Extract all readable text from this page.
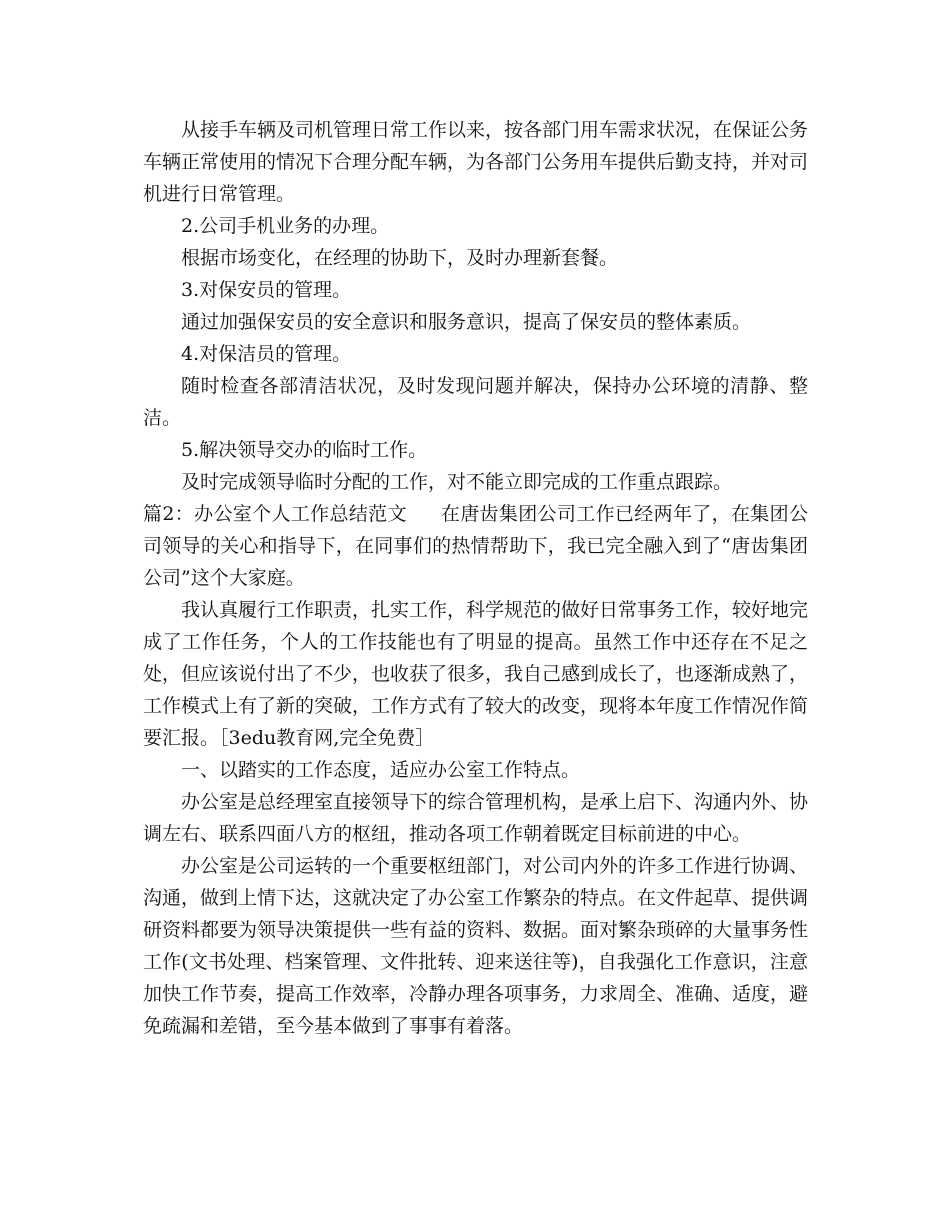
从接手车辆及司机管理日常工作以来，按各部门用车需求状况，在保证公务车辆正常使用的情况下合理分配车辆，为各部门公务用车提供后勤支持，并对司机进行日常管理。

2.公司手机业务的办理。

根据市场变化，在经理的协助下，及时办理新套餐。

3.对保安员的管理。

通过加强保安员的安全意识和服务意识，提高了保安员的整体素质。

4.对保洁员的管理。

随时检查各部清洁状况，及时发现问题并解决，保持办公环境的清静、整洁。

5.解决领导交办的临时工作。

及时完成领导临时分配的工作，对不能立即完成的工作重点跟踪。

篇2：办公室个人工作总结范文 在唐齿集团公司工作已经两年了，在集团公司领导的关心和指导下，在同事们的热情帮助下，我已完全融入到了“唐齿集团公司”这个大家庭。

我认真履行工作职责，扎实工作，科学规范的做好日常事务工作，较好地完成了工作任务，个人的工作技能也有了明显的提高。虽然工作中还存在不足之处，但应该说付出了不少，也收获了很多，我自己感到成长了，也逐渐成熟了，工作模式上有了新的突破，工作方式有了较大的改变，现将本年度工作情况作简要汇报。［3edu教育网,完全免费］

一、以踏实的工作态度，适应办公室工作特点。

办公室是总经理室直接领导下的综合管理机构，是承上启下、沟通内外、协调左右、联系四面八方的枢纽，推动各项工作朝着既定目标前进的中心。

办公室是公司运转的一个重要枢纽部门，对公司内外的许多工作进行协调、沟通，做到上情下达，这就决定了办公室工作繁杂的特点。在文件起草、提供调研资料都要为领导决策提供一些有益的资料、数据。面对繁杂琐碎的大量事务性工作(文书处理、档案管理、文件批转、迎来送往等)，自我强化工作意识，注意加快工作节奏，提高工作效率，冷静办理各项事务，力求周全、准确、适度，避免疏漏和差错，至今基本做到了事事有着落。
